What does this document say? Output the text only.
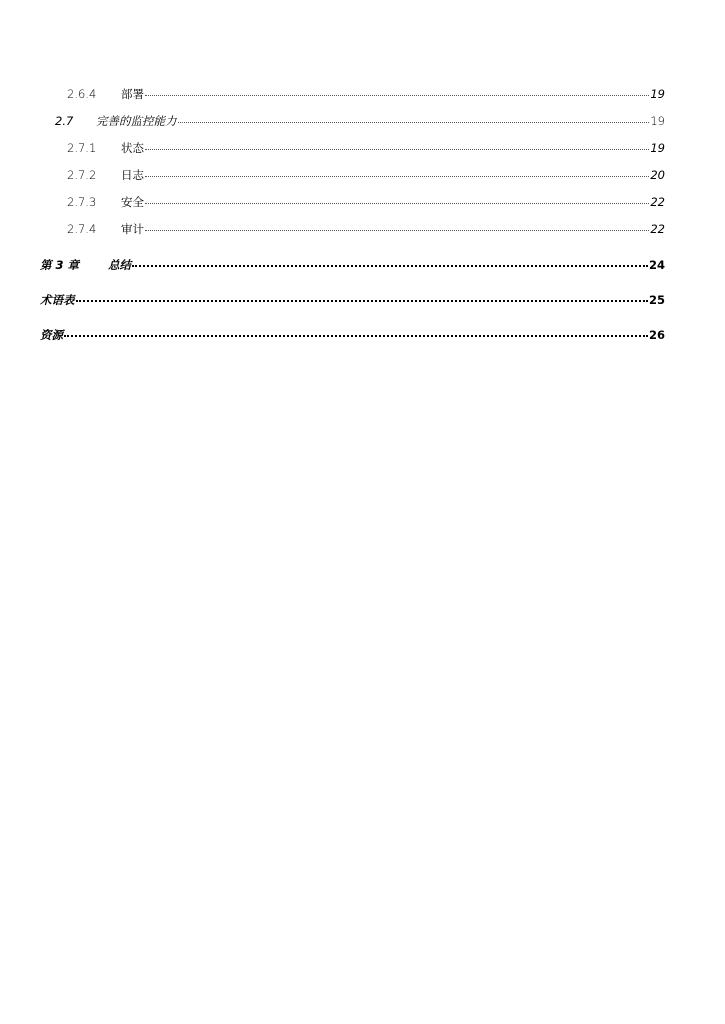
2.6.4	部署	19
2.7	完善的监控能力	19
2.7.1	状态	19
2.7.2	日志	20
2.7.3	安全	22
2.7.4	审计	22
第 3 章	总结	24
术语表	25
资源	26
